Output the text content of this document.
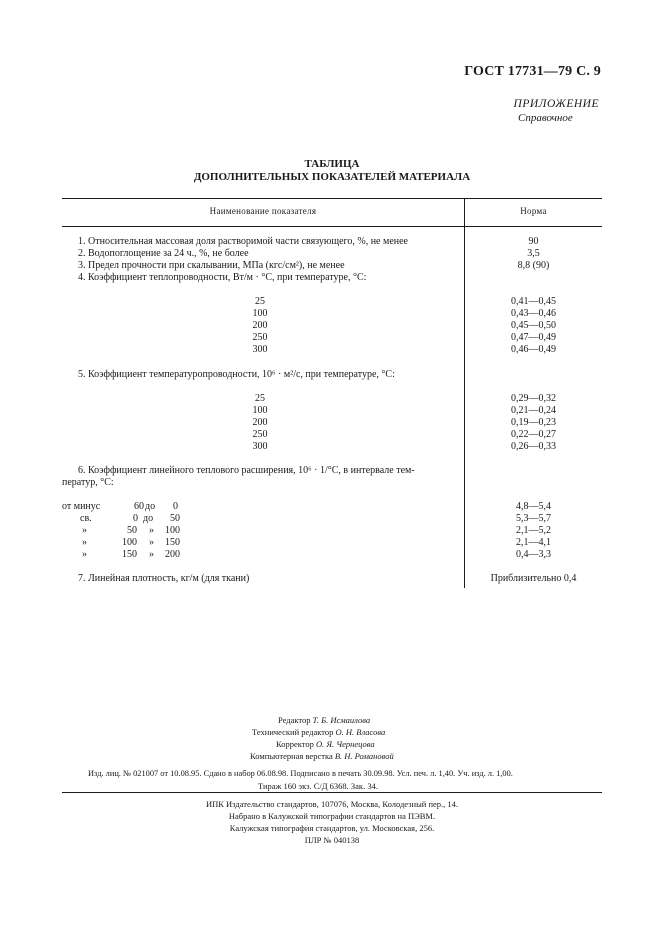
ГОСТ 17731—79 С. 9
ПРИЛОЖЕНИЕ
Справочное
ТАБЛИЦА
ДОПОЛНИТЕЛЬНЫХ ПОКАЗАТЕЛЕЙ МАТЕРИАЛА
Наименование показателя	Норма
1. Относительная массовая доля растворимой части связующего, %, не менее	90
2. Водопоглощение за 24 ч., %, не более	3,5
3. Предел прочности при скалывании, МПа (кгс/см²), не менее	8,8 (90)
4. Коэффициент теплопроводности, Вт/м · °С, при температуре, °С:
25	0,41—0,45
100	0,43—0,46
200	0,45—0,50
250	0,47—0,49
300	0,46—0,49
5. Коэффициент температуропроводности, 10⁶ · м²/с, при температуре, °С:
25	0,29—0,32
100	0,21—0,24
200	0,19—0,23
250	0,22—0,27
300	0,26—0,33
6. Коэффициент линейного теплового расширения, 10⁶ · 1/°С, в интервале тем-
ператур, °С:
от минус	60 до	0	4,8—5,4
св.	0 до	50	5,3—5,7
»	50 »	100	2,1—5,2
»	100 »	150	2,1—4,1
»	150 »	200	0,4—3,3
7. Линейная плотность, кг/м (для ткани)	Приблизительно 0,4
Редактор Т. Б. Исмаилова
Технический редактор О. Н. Власова
Корректор О. Я. Чернецова
Компьютерная верстка В. Н. Романовой
Изд. лиц. № 021007 от 10.08.95. Сдано в набор 06.08.98. Подписано в печать 30.09.98. Усл. печ. л. 1,40. Уч. изд. л. 1,00.
Тираж 160 экз. С/Д 6368. Зак. 34.
ИПК Издательство стандартов, 107076, Москва, Колодезный пер., 14.
Набрано в Калужской типографии стандартов на ПЭВМ.
Калужская типография стандартов, ул. Московская, 256.
ПЛР № 040138
